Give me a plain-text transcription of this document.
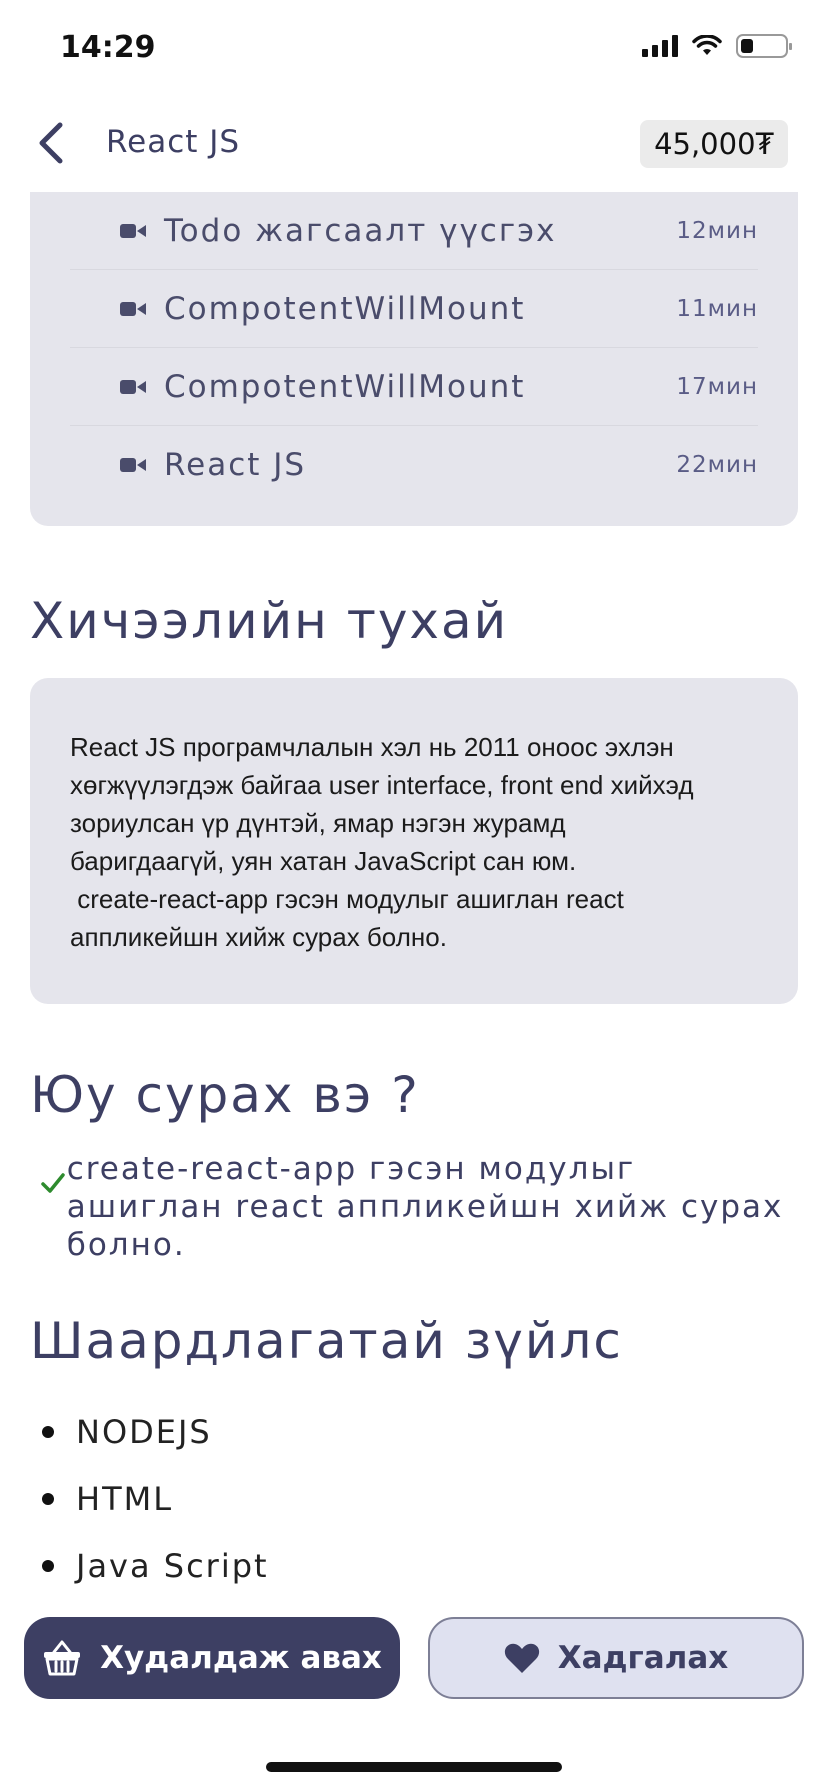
14:29
React JS	45,000₮
Todo жагсаалт үүсгэх	12мин
CompotentWillMount	11мин
CompotentWillMount	17мин
React JS	22мин
Хичээлийн тухай
React JS програмчлалын хэл нь 2011 оноос эхлэн
хөгжүүлэгдэж байгаа user interface, front end хийхэд
зориулсан үр дүнтэй, ямар нэгэн журамд
баригдаагүй, уян хатан JavaScript сан юм.
create-react-app гэсэн модулыг ашиглан react
аппликейшн хийж сурах болно.
Юу сурах вэ ?
create-react-app гэсэн модулыг ашиглан react аппликейшн хийж сурах болно.
Шаардлагатай зүйлс
NODEJS
HTML
Java Script
Худалдаж авах	Хадгалах
